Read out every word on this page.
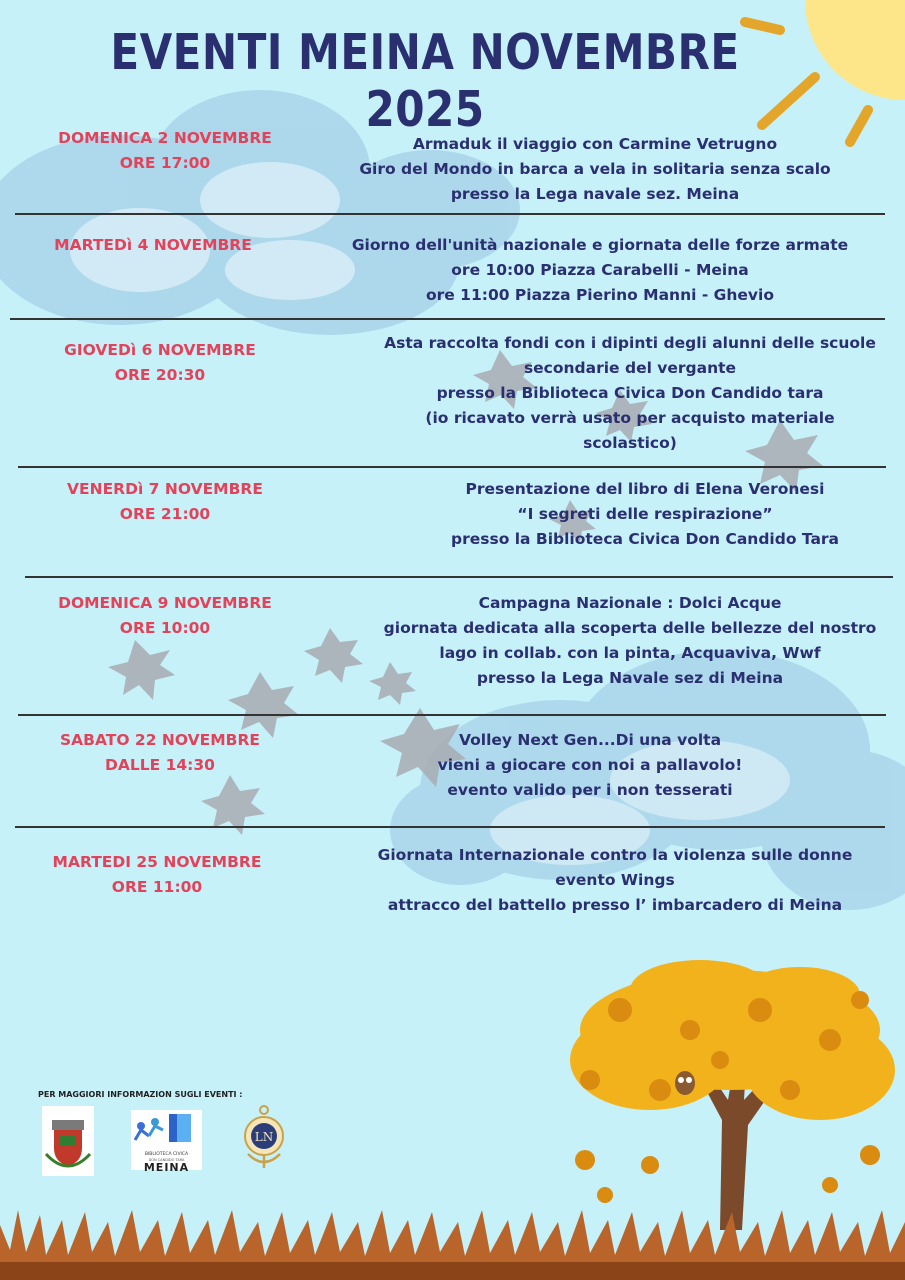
EVENTI MEINA NOVEMBRE 2025
DOMENICA 2 NOVEMBRE
ORE 17:00
Armaduk il viaggio con Carmine Vetrugno
Giro del Mondo in barca a vela in solitaria senza scalo
presso la Lega navale sez. Meina
MARTEDì 4 NOVEMBRE	Giorno dell'unità nazionale e giornata delle forze armate
ore 10:00 Piazza Carabelli - Meina
ore 11:00 Piazza Pierino Manni - Ghevio
GIOVEDì 6 NOVEMBRE
ORE 20:30
Asta raccolta fondi con i dipinti degli alunni delle scuole
secondarie del vergante
presso la Biblioteca Civica Don Candido tara
(io ricavato verrà usato per acquisto materiale
scolastico)
VENERDì 7 NOVEMBRE
ORE 21:00
Presentazione del libro di Elena Veronesi
“I segreti delle respirazione”
presso la Biblioteca Civica Don Candido Tara
DOMENICA 9 NOVEMBRE
ORE 10:00
Campagna Nazionale : Dolci Acque
giornata dedicata alla scoperta delle bellezze del nostro
lago in collab. con la pinta, Acquaviva, Wwf
presso la Lega Navale sez di Meina
SABATO 22 NOVEMBRE
DALLE 14:30
Volley Next Gen...Di una volta
vieni a giocare con noi a pallavolo!
evento valido per i non tesserati
MARTEDI 25 NOVEMBRE
ORE 11:00
Giornata Internazionale contro la violenza sulle donne
evento Wings
attracco del battello presso l’ imbarcadero di Meina
PER MAGGIORI INFORMAZION SUGLI EVENTI :
BIBLIOTECA CIVICA
DON CANDIDO TARA
MEINA
LN
